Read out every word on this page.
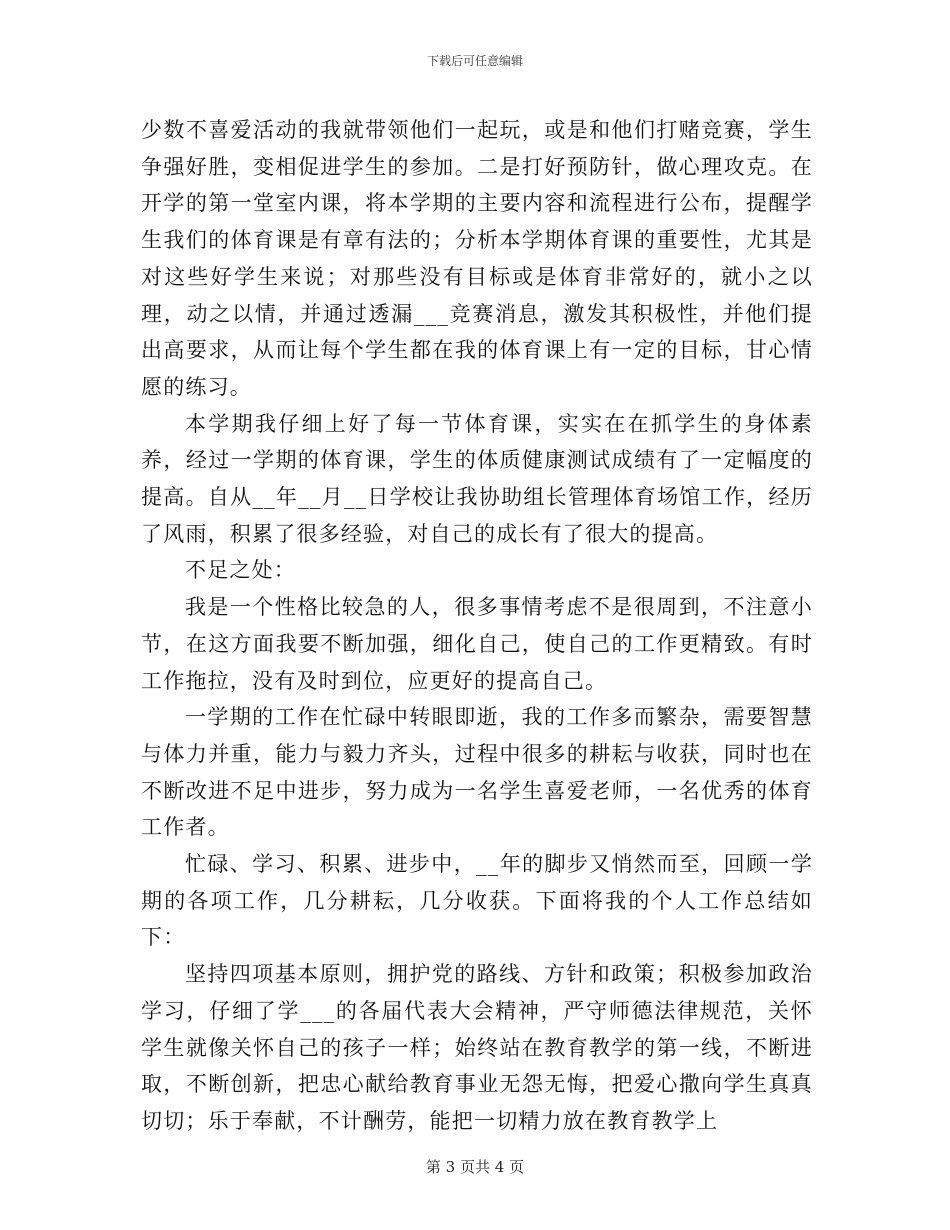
下载后可任意编辑

少数不喜爱活动的我就带领他们一起玩，或是和他们打赌竞赛，学生争强好胜，变相促进学生的参加。二是打好预防针，做心理攻克。在开学的第一堂室内课，将本学期的主要内容和流程进行公布，提醒学生我们的体育课是有章有法的；分析本学期体育课的重要性，尤其是对这些好学生来说；对那些没有目标或是体育非常好的，就小之以理，动之以情，并通过透漏___竞赛消息，激发其积极性，并他们提出高要求，从而让每个学生都在我的体育课上有一定的目标，甘心情愿的练习。

本学期我仔细上好了每一节体育课，实实在在抓学生的身体素养，经过一学期的体育课，学生的体质健康测试成绩有了一定幅度的提高。自从__年__月__日学校让我协助组长管理体育场馆工作，经历了风雨，积累了很多经验，对自己的成长有了很大的提高。

不足之处：

我是一个性格比较急的人，很多事情考虑不是很周到，不注意小节，在这方面我要不断加强，细化自己，使自己的工作更精致。有时工作拖拉，没有及时到位，应更好的提高自己。

一学期的工作在忙碌中转眼即逝，我的工作多而繁杂，需要智慧与体力并重，能力与毅力齐头，过程中很多的耕耘与收获，同时也在不断改进不足中进步，努力成为一名学生喜爱老师，一名优秀的体育工作者。

忙碌、学习、积累、进步中，__年的脚步又悄然而至，回顾一学期的各项工作，几分耕耘，几分收获。下面将我的个人工作总结如下：

坚持四项基本原则，拥护党的路线、方针和政策；积极参加政治学习，仔细了学___的各届代表大会精神，严守师德法律规范，关怀学生就像关怀自己的孩子一样；始终站在教育教学的第一线，不断进取，不断创新，把忠心献给教育事业无怨无悔，把爱心撒向学生真真切切；乐于奉献，不计酬劳，能把一切精力放在教育教学上

第 3 页共 4 页
